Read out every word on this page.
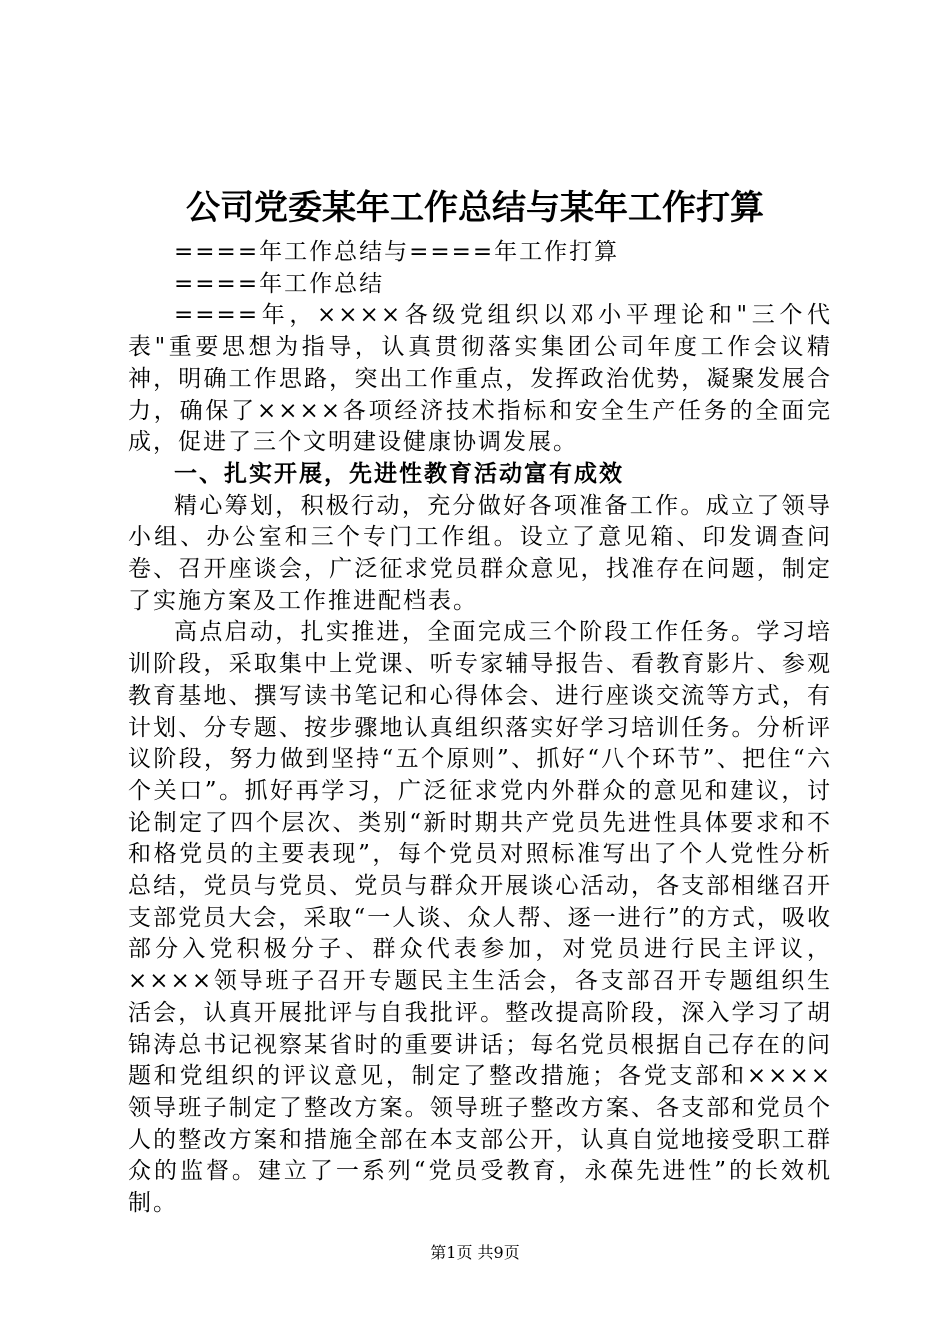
公司党委某年工作总结与某年工作打算

====年工作总结与====年工作打算

====年工作总结

====年，××××各级党组织以邓小平理论和"三个代表"重要思想为指导，认真贯彻落实集团公司年度工作会议精神，明确工作思路，突出工作重点，发挥政治优势，凝聚发展合力，确保了××××各项经济技术指标和安全生产任务的全面完成，促进了三个文明建设健康协调发展。

一、扎实开展，先进性教育活动富有成效

精心筹划，积极行动，充分做好各项准备工作。成立了领导小组、办公室和三个专门工作组。设立了意见箱、印发调查问卷、召开座谈会，广泛征求党员群众意见，找准存在问题，制定了实施方案及工作推进配档表。

高点启动，扎实推进，全面完成三个阶段工作任务。学习培训阶段，采取集中上党课、听专家辅导报告、看教育影片、参观教育基地、撰写读书笔记和心得体会、进行座谈交流等方式，有计划、分专题、按步骤地认真组织落实好学习培训任务。分析评议阶段，努力做到坚持“五个原则”、抓好“八个环节”、把住“六个关口”。抓好再学习，广泛征求党内外群众的意见和建议，讨论制定了四个层次、类别“新时期共产党员先进性具体要求和不和格党员的主要表现”，每个党员对照标准写出了个人党性分析总结，党员与党员、党员与群众开展谈心活动，各支部相继召开支部党员大会，采取“一人谈、众人帮、逐一进行”的方式，吸收部分入党积极分子、群众代表参加，对党员进行民主评议，××××领导班子召开专题民主生活会，各支部召开专题组织生活会，认真开展批评与自我批评。整改提高阶段，深入学习了胡锦涛总书记视察某省时的重要讲话；每名党员根据自己存在的问题和党组织的评议意见，制定了整改措施；各党支部和××××领导班子制定了整改方案。领导班子整改方案、各支部和党员个人的整改方案和措施全部在本支部公开，认真自觉地接受职工群众的监督。建立了一系列“党员受教育，永葆先进性”的长效机制。

第1页 共9页
